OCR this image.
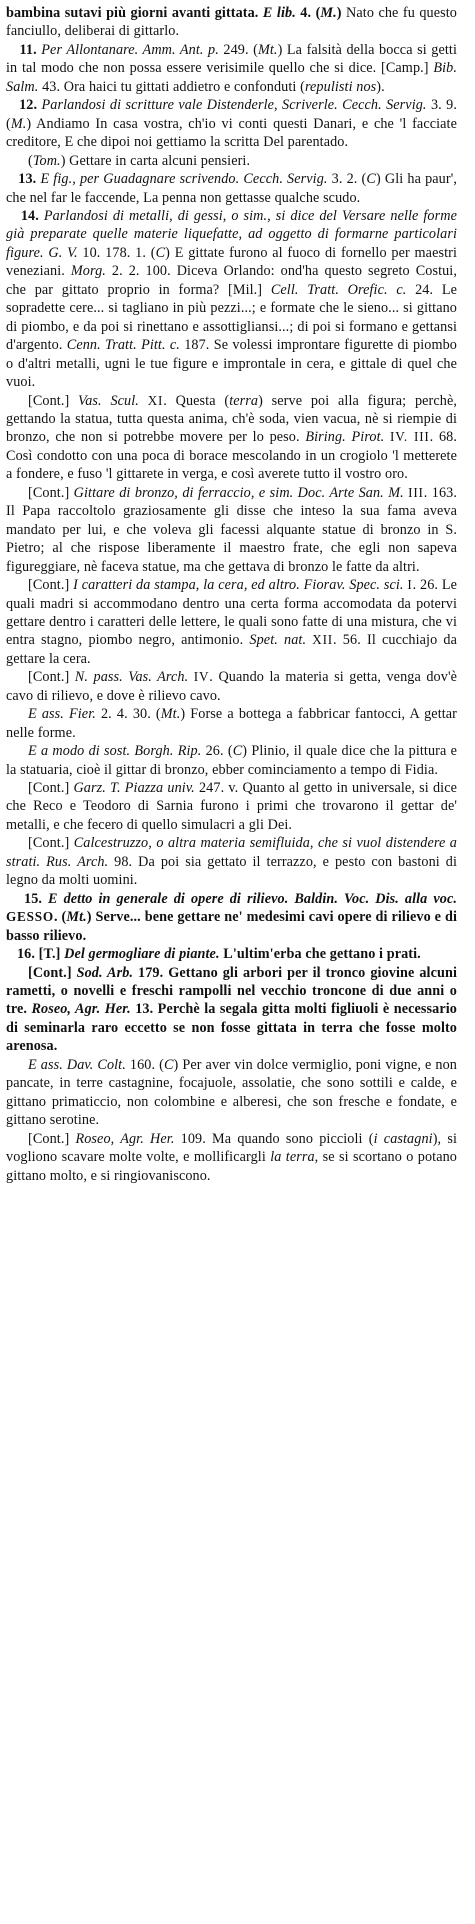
bambina sutavi più giorni avanti gittata. E lib. 4. (M.) Nato che fu questo fanciullo, deliberai di gittarlo.

11. Per Allontanare. Amm. Ant. p. 249. (Mt.) La falsità della bocca si getti in tal modo che non possa essere verisimile quello che si dice. [Camp.] Bib. Salm. 43. Ora haici tu gittati addietro e confonduti (repulisti nos).

12. Parlandosi di scritture vale Distenderle, Scriverle. Cecch. Servig. 3. 9. (M.) Andiamo In casa vostra, ch'io vi conti questi Danari, e che 'l facciate creditore, E che dipoi noi gettiamo la scritta Del parentado.

(Tom.) Gettare in carta alcuni pensieri.

13. E fig., per Guadagnare scrivendo. Cecch. Servig. 3. 2. (C) Gli ha paur', che nel far le faccende, La penna non gettasse qualche scudo.

14. Parlandosi di metalli, di gessi, o sim., si dice del Versare nelle forme già preparate quelle materie liquefatte, ad oggetto di formarne particolari figure. G. V. 10. 178. 1. (C) E gittate furono al fuoco di fornello per maestri veneziani. Morg. 2. 2. 100. Diceva Orlando: ond'ha questo segreto Costui, che par gittato proprio in forma? [Mil.] Cell. Tratt. Orefic. c. 24. Le sopradette cere... si tagliano in più pezzi...; e formate che le sieno... si gittano di piombo, e da poi si rinettano e assottigliansi...; di poi si formano e gettansi d'argento. Cenn. Tratt. Pitt. c. 187. Se volessi improntare figurette di piombo o d'altri metalli, ugni le tue figure e improntale in cera, e gittale di quel che vuoi.

[Cont.] Vas. Scul. XI. Questa (terra) serve poi alla figura; perchè, gettando la statua, tutta questa anima, ch'è soda, vien vacua, nè si riempie di bronzo, che non si potrebbe movere per lo peso. Biring. Pirot. IV. III. 68. Così condotto con una poca di borace mescolando in un crogiolo 'l metterete a fondere, e fuso 'l gittarete in verga, e così averete tutto il vostro oro.

[Cont.] Gittare di bronzo, di ferraccio, e sim. Doc. Arte San. M. III. 163. Il Papa raccoltolo graziosamente gli disse che inteso la sua fama aveva mandato per lui, e che voleva gli facessi alquante statue di bronzo in S. Pietro; al che rispose liberamente il maestro frate, che egli non sapeva figureggiare, nè faceva statue, ma che gettava di bronzo le fatte da altri.

[Cont.] I caratteri da stampa, la cera, ed altro. Fiorav. Spec. sci. I. 26. Le quali madri si accommodano dentro una certa forma accomodata da potervi gettare dentro i caratteri delle lettere, le quali sono fatte di una mistura, che vi entra stagno, piombo negro, antimonio. Spet. nat. XII. 56. Il cucchiajo da gettare la cera.

[Cont.] N. pass. Vas. Arch. IV. Quando la materia si getta, venga dov'è cavo di rilievo, e dove è rilievo cavo.

E ass. Fier. 2. 4. 30. (Mt.) Forse a bottega a fabbricar fantocci, A gettar nelle forme.

E a modo di sost. Borgh. Rip. 26. (C) Plinio, il quale dice che la pittura e la statuaria, cioè il gittar di bronzo, ebber cominciamento a tempo di Fidia.

[Cont.] Garz. T. Piazza univ. 247. v. Quanto al getto in universale, si dice che Reco e Teodoro di Sarnia furono i primi che trovarono il gettar de' metalli, e che fecero di quello simulacri a gli Dei.

[Cont.] Calcestruzzo, o altra materia semifluida, che si vuol distendere a strati. Rus. Arch. 98. Da poi sia gettato il terrazzo, e pesto con bastoni di legno da molti uomini.

15. E detto in generale di opere di rilievo. Baldin. Voc. Dis. alla voc. GESSO. (Mt.) Serve... bene gettare ne' medesimi cavi opere di rilievo e di basso rilievo.

16. [T.] Del germogliare di piante. L'ultim'erba che gettano i prati.

[Cont.] Sod. Arb. 179. Gettano gli arbori per il tronco giovine alcuni rametti, o novelli e freschi rampolli nel vecchio troncone di due anni o tre. Roseo, Agr. Her. 13. Perchè la segala gitta molti figliuoli è necessario di seminarla raro eccetto se non fosse gittata in terra che fosse molto arenosa.

E ass. Dav. Colt. 160. (C) Per aver vin dolce vermiglio, poni vigne, e non pancate, in terre castagnine, focajuole, assolatie, che sono sottili e calde, e gittano primaticcio, non colombine e alberesi, che son fresche e fondate, e gittano serotine.

[Cont.] Roseo, Agr. Her. 109. Ma quando sono piccioli (i castagni), si vogliono scavare molte volte, e mollificargli la terra, se si scortano o potano gittano molto, e si ringiovaniscono.
